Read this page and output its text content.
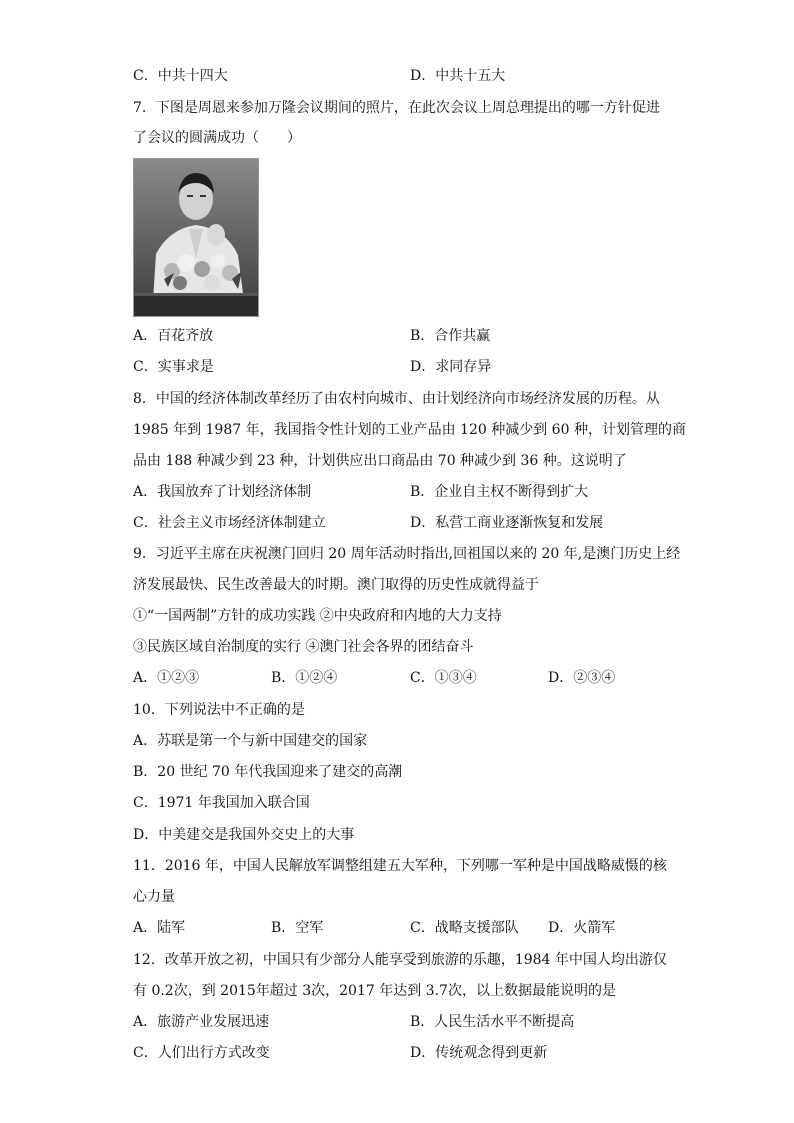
C．中共十四大	D．中共十五大
7．下图是周恩来参加万隆会议期间的照片，在此次会议上周总理提出的哪一方针促进
了会议的圆满成功（　　）
A．百花齐放	B．合作共赢
C．实事求是	D．求同存异
8．中国的经济体制改革经历了由农村向城市、由计划经济向市场经济发展的历程。从
1985 年到 1987 年，我国指令性计划的工业产品由 120 种减少到 60 种，计划管理的商
品由 188 种减少到 23 种，计划供应出口商品由 70 种减少到 36 种。这说明了
A．我国放弃了计划经济体制	B．企业自主权不断得到扩大
C．社会主义市场经济体制建立	D．私营工商业逐渐恢复和发展
9．习近平主席在庆祝澳门回归 20 周年活动时指出,回祖国以来的 20 年,是澳门历史上经
济发展最快、民生改善最大的时期。澳门取得的历史性成就得益于
①“一国两制”方针的成功实践 ②中央政府和内地的大力支持
③民族区域自治制度的实行 ④澳门社会各界的团结奋斗
A．①②③	B．①②④	C．①③④	D．②③④
10．下列说法中不正确的是
A．苏联是第一个与新中国建交的国家
B．20 世纪 70 年代我国迎来了建交的高潮
C．1971 年我国加入联合国
D．中美建交是我国外交史上的大事
11．2016 年，中国人民解放军调整组建五大军种，下列哪一军种是中国战略威慑的核
心力量
A．陆军	B．空军	C．战略支援部队 D．火箭军
12．改革开放之初，中国只有少部分人能享受到旅游的乐趣，1984 年中国人均出游仅
有 0.2次，到 2015年超过 3次，2017 年达到 3.7次，以上数据最能说明的是
A．旅游产业发展迅速	B．人民生活水平不断提高
C．人们出行方式改变	D．传统观念得到更新
